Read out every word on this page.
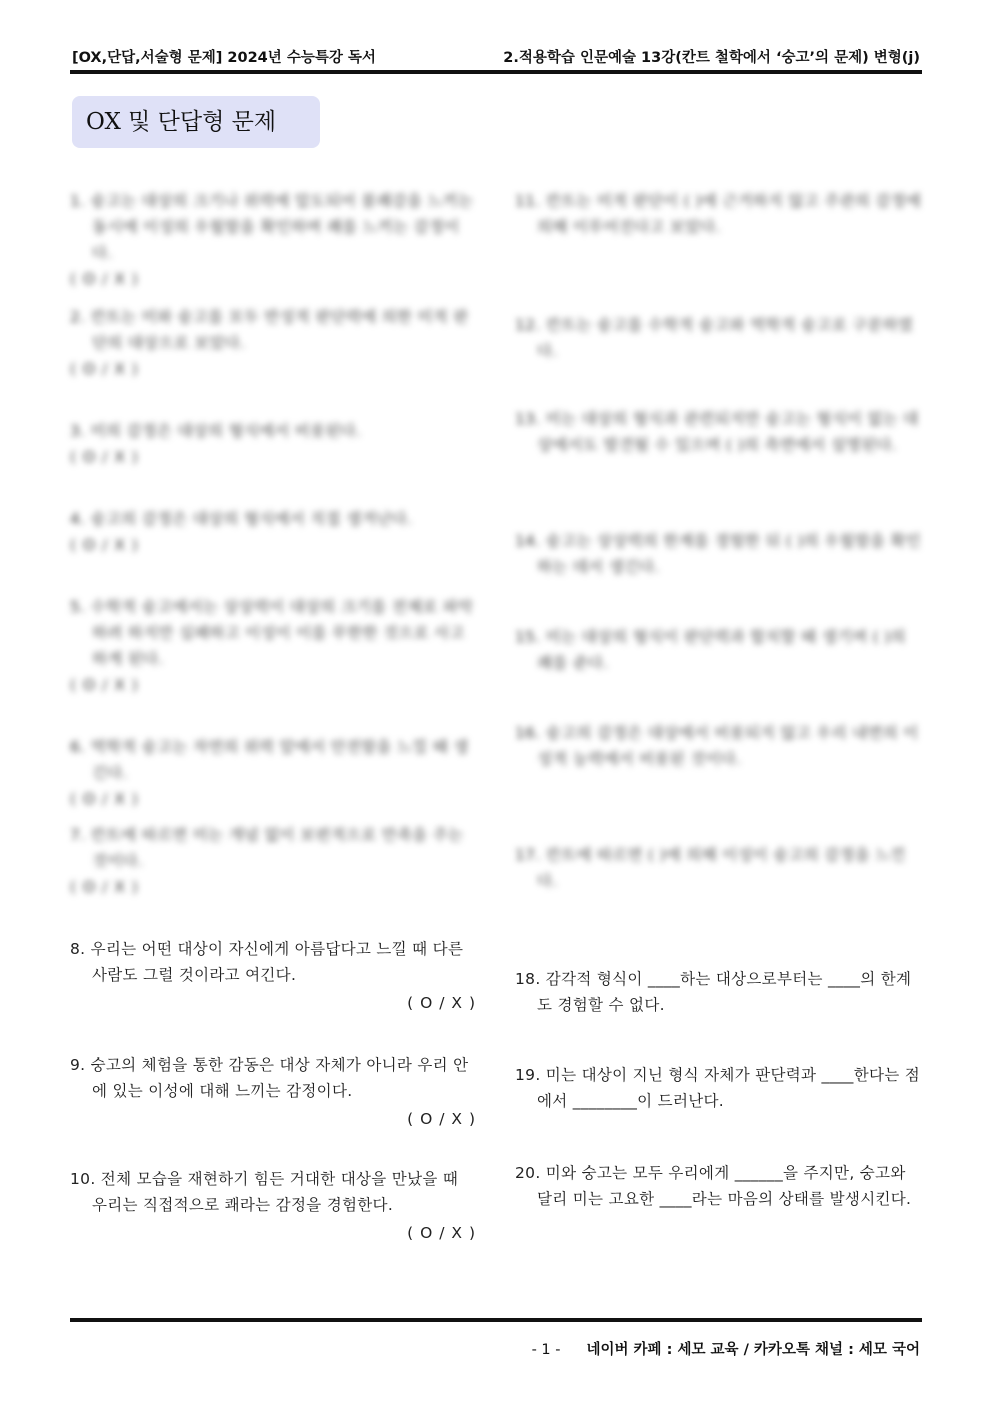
[OX,단답,서술형 문제] 2024년 수능특강 독서	2.적용학습 인문예술 13강(칸트 철학에서 ‘숭고’의 문제) 변형(j)
OX 및 단답형 문제
1. 숭고는 대상의 크기나 위력에 압도되어 불쾌감을 느끼는 동시에 이성의 우월함을 확인하며 쾌를 느끼는 감정이다.
( O / X )
2. 칸트는 미와 숭고를 모두 반성적 판단력에 의한 미적 판단의 대상으로 보았다.
( O / X )
3. 미의 감정은 대상의 형식에서 비롯된다.
( O / X )
4. 숭고의 감정은 대상의 형식에서 직접 생겨난다.
( O / X )
5. 수학적 숭고에서는 상상력이 대상의 크기를 전체로 파악하려 하지만 실패하고 이성이 이를 무한한 것으로 사고하게 된다.
( O / X )
6. 역학적 숭고는 자연의 위력 앞에서 안전함을 느낄 때 생긴다.
( O / X )
7. 칸트에 따르면 미는 개념 없이 보편적으로 만족을 주는 것이다.
( O / X )
8. 우리는 어떤 대상이 자신에게 아름답다고 느낄 때 다른 사람도 그럴 것이라고 여긴다.
( O / X )
9. 숭고의 체험을 통한 감동은 대상 자체가 아니라 우리 안에 있는 이성에 대해 느끼는 감정이다.
( O / X )
10. 전체 모습을 재현하기 힘든 거대한 대상을 만났을 때 우리는 직접적으로 쾌라는 감정을 경험한다.
( O / X )
11. 칸트는 미적 판단이 ( )에 근거하지 않고 주관의 감정에 의해 이루어진다고 보았다.
12. 칸트는 숭고를 수학적 숭고와 역학적 숭고로 구분하였다.
13. 미는 대상의 형식과 관련되지만 숭고는 형식이 없는 대상에서도 발견될 수 있으며 ( )의 측면에서 설명된다.
14. 숭고는 상상력의 한계를 경험한 뒤 ( )의 우월함을 확인하는 데서 생긴다.
15. 미는 대상의 형식이 판단력과 합치할 때 생기며 ( )의 쾌를 준다.
16. 숭고의 감정은 대상에서 비롯되지 않고 우리 내면의 이성적 능력에서 비롯된 것이다.
17. 칸트에 따르면 ( )에 의해 이성이 숭고의 감정을 느낀다.
18. 감각적 형식이 ____하는 대상으로부터는 ____의 한계도 경험할 수 없다.
19. 미는 대상이 지닌 형식 자체가 판단력과 ____한다는 점에서 ________이 드러난다.
20. 미와 숭고는 모두 우리에게 ______을 주지만, 숭고와 달리 미는 고요한 ____라는 마음의 상태를 발생시킨다.
- 1 - 네이버 카페 : 세모 교육 / 카카오톡 채널 : 세모 국어
